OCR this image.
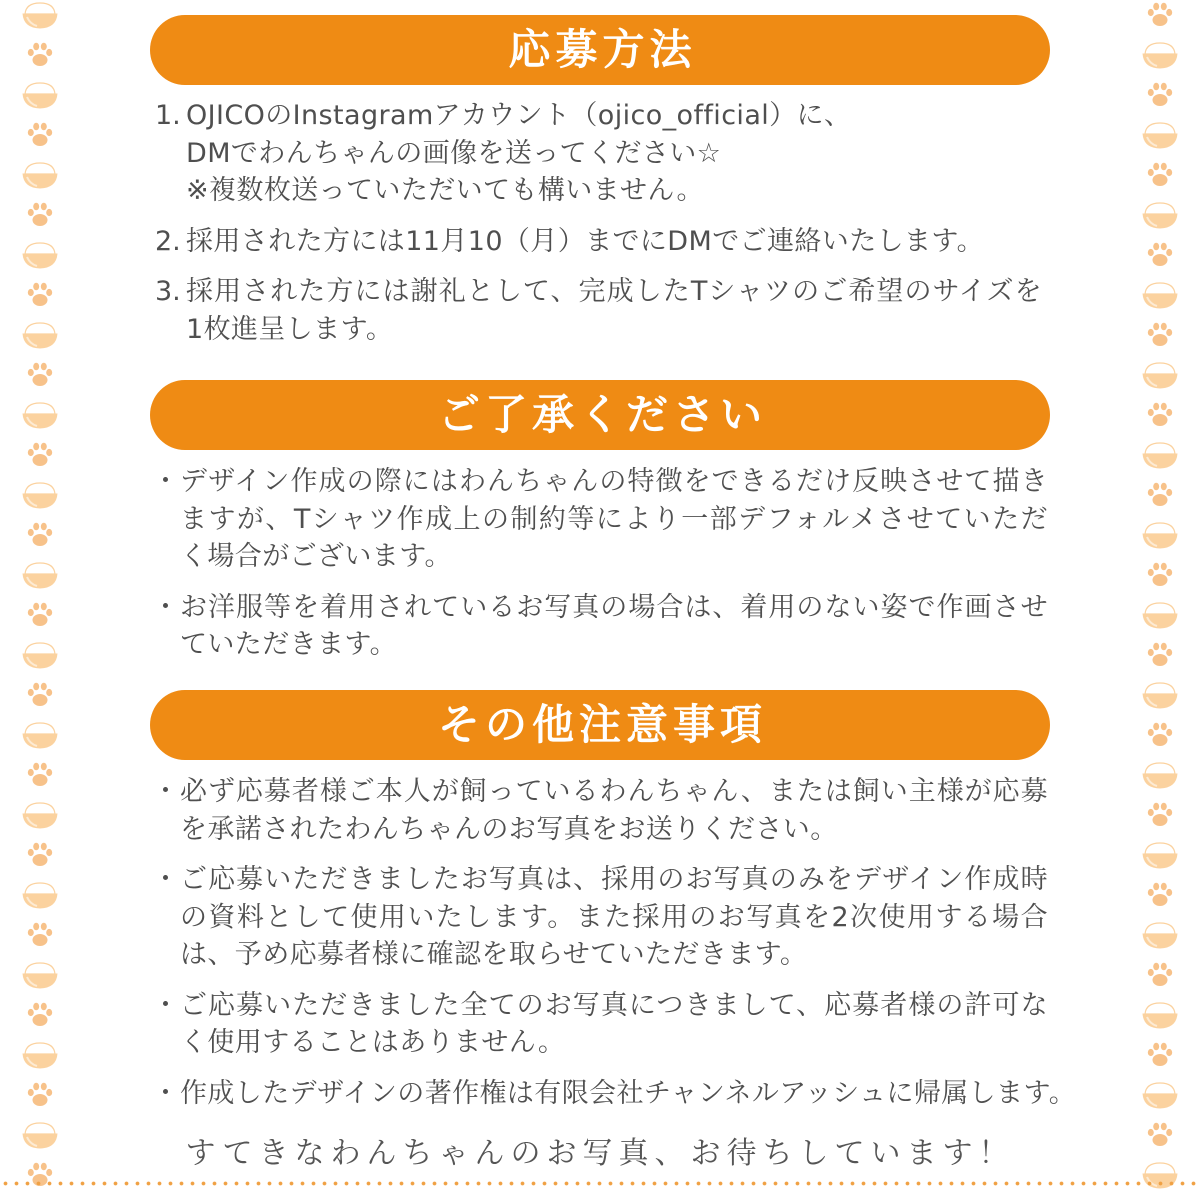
応募方法
1. OJICOのInstagramアカウント（ojico_official）に、
DMでわんちゃんの画像を送ってください☆
※複数枚送っていただいても構いません。
2. 採用された方には11月10（月）までにDMでご連絡いたします。
3. 採用された方には謝礼として、完成したTシャツのご希望のサイズを
1枚進呈します。
ご了承ください
・ デザイン作成の際にはわんちゃんの特徴をできるだけ反映させて描き
ますが、Tシャツ作成上の制約等により一部デフォルメさせていただ
く場合がございます。
・ お洋服等を着用されているお写真の場合は、着用のない姿で作画させ
ていただきます。
その他注意事項
・ 必ず応募者様ご本人が飼っているわんちゃん、または飼い主様が応募
を承諾されたわんちゃんのお写真をお送りください。
・ ご応募いただきましたお写真は、採用のお写真のみをデザイン作成時
の資料として使用いたします。また採用のお写真を2次使用する場合
は、予め応募者様に確認を取らせていただきます。
・ ご応募いただきました全てのお写真につきまして、応募者様の許可な
く使用することはありません。
・ 作成したデザインの著作権は有限会社チャンネルアッシュに帰属します。
すてきなわんちゃんのお写真、お待ちしています！
